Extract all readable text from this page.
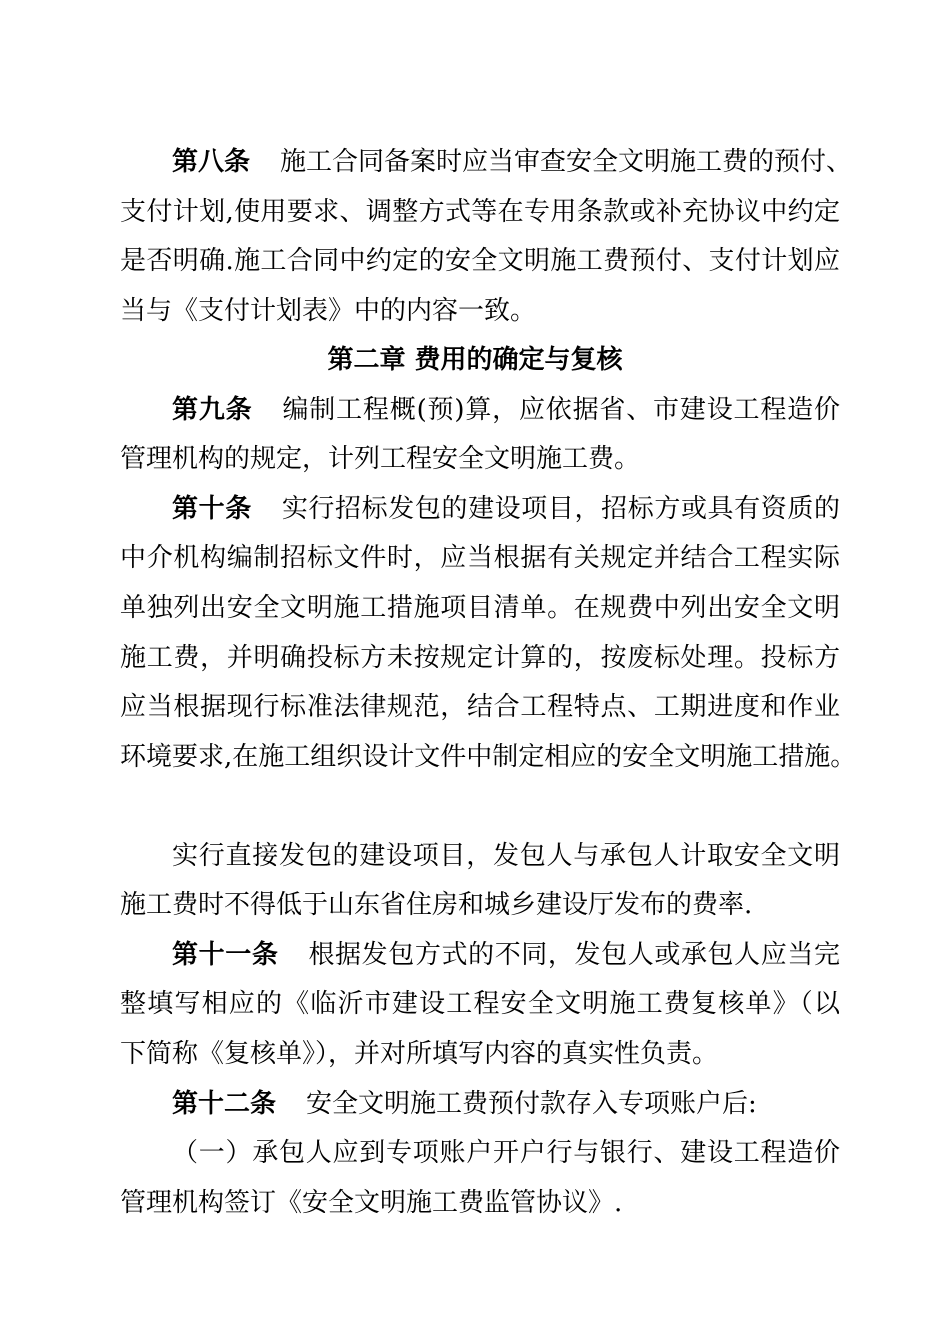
第八条 施工合同备案时应当审查安全文明施工费的预付、
支付计划,使用要求、调整方式等在专用条款或补充协议中约定
是否明确.施工合同中约定的安全文明施工费预付、支付计划应
当与《支付计划表》中的内容一致。
第二章 费用的确定与复核
第九条 编制工程概(预)算，应依据省、市建设工程造价
管理机构的规定，计列工程安全文明施工费。
第十条 实行招标发包的建设项目，招标方或具有资质的
中介机构编制招标文件时，应当根据有关规定并结合工程实际
单独列出安全文明施工措施项目清单。在规费中列出安全文明
施工费，并明确投标方未按规定计算的，按废标处理。投标方
应当根据现行标准法律规范，结合工程特点、工期进度和作业
环境要求,在施工组织设计文件中制定相应的安全文明施工措施。
实行直接发包的建设项目，发包人与承包人计取安全文明
施工费时不得低于山东省住房和城乡建设厅发布的费率.
第十一条 根据发包方式的不同，发包人或承包人应当完
整填写相应的《临沂市建设工程安全文明施工费复核单》（以
下简称《复核单》），并对所填写内容的真实性负责。
第十二条 安全文明施工费预付款存入专项账户后:
（一）承包人应到专项账户开户行与银行、建设工程造价
管理机构签订《安全文明施工费监管协议》.
